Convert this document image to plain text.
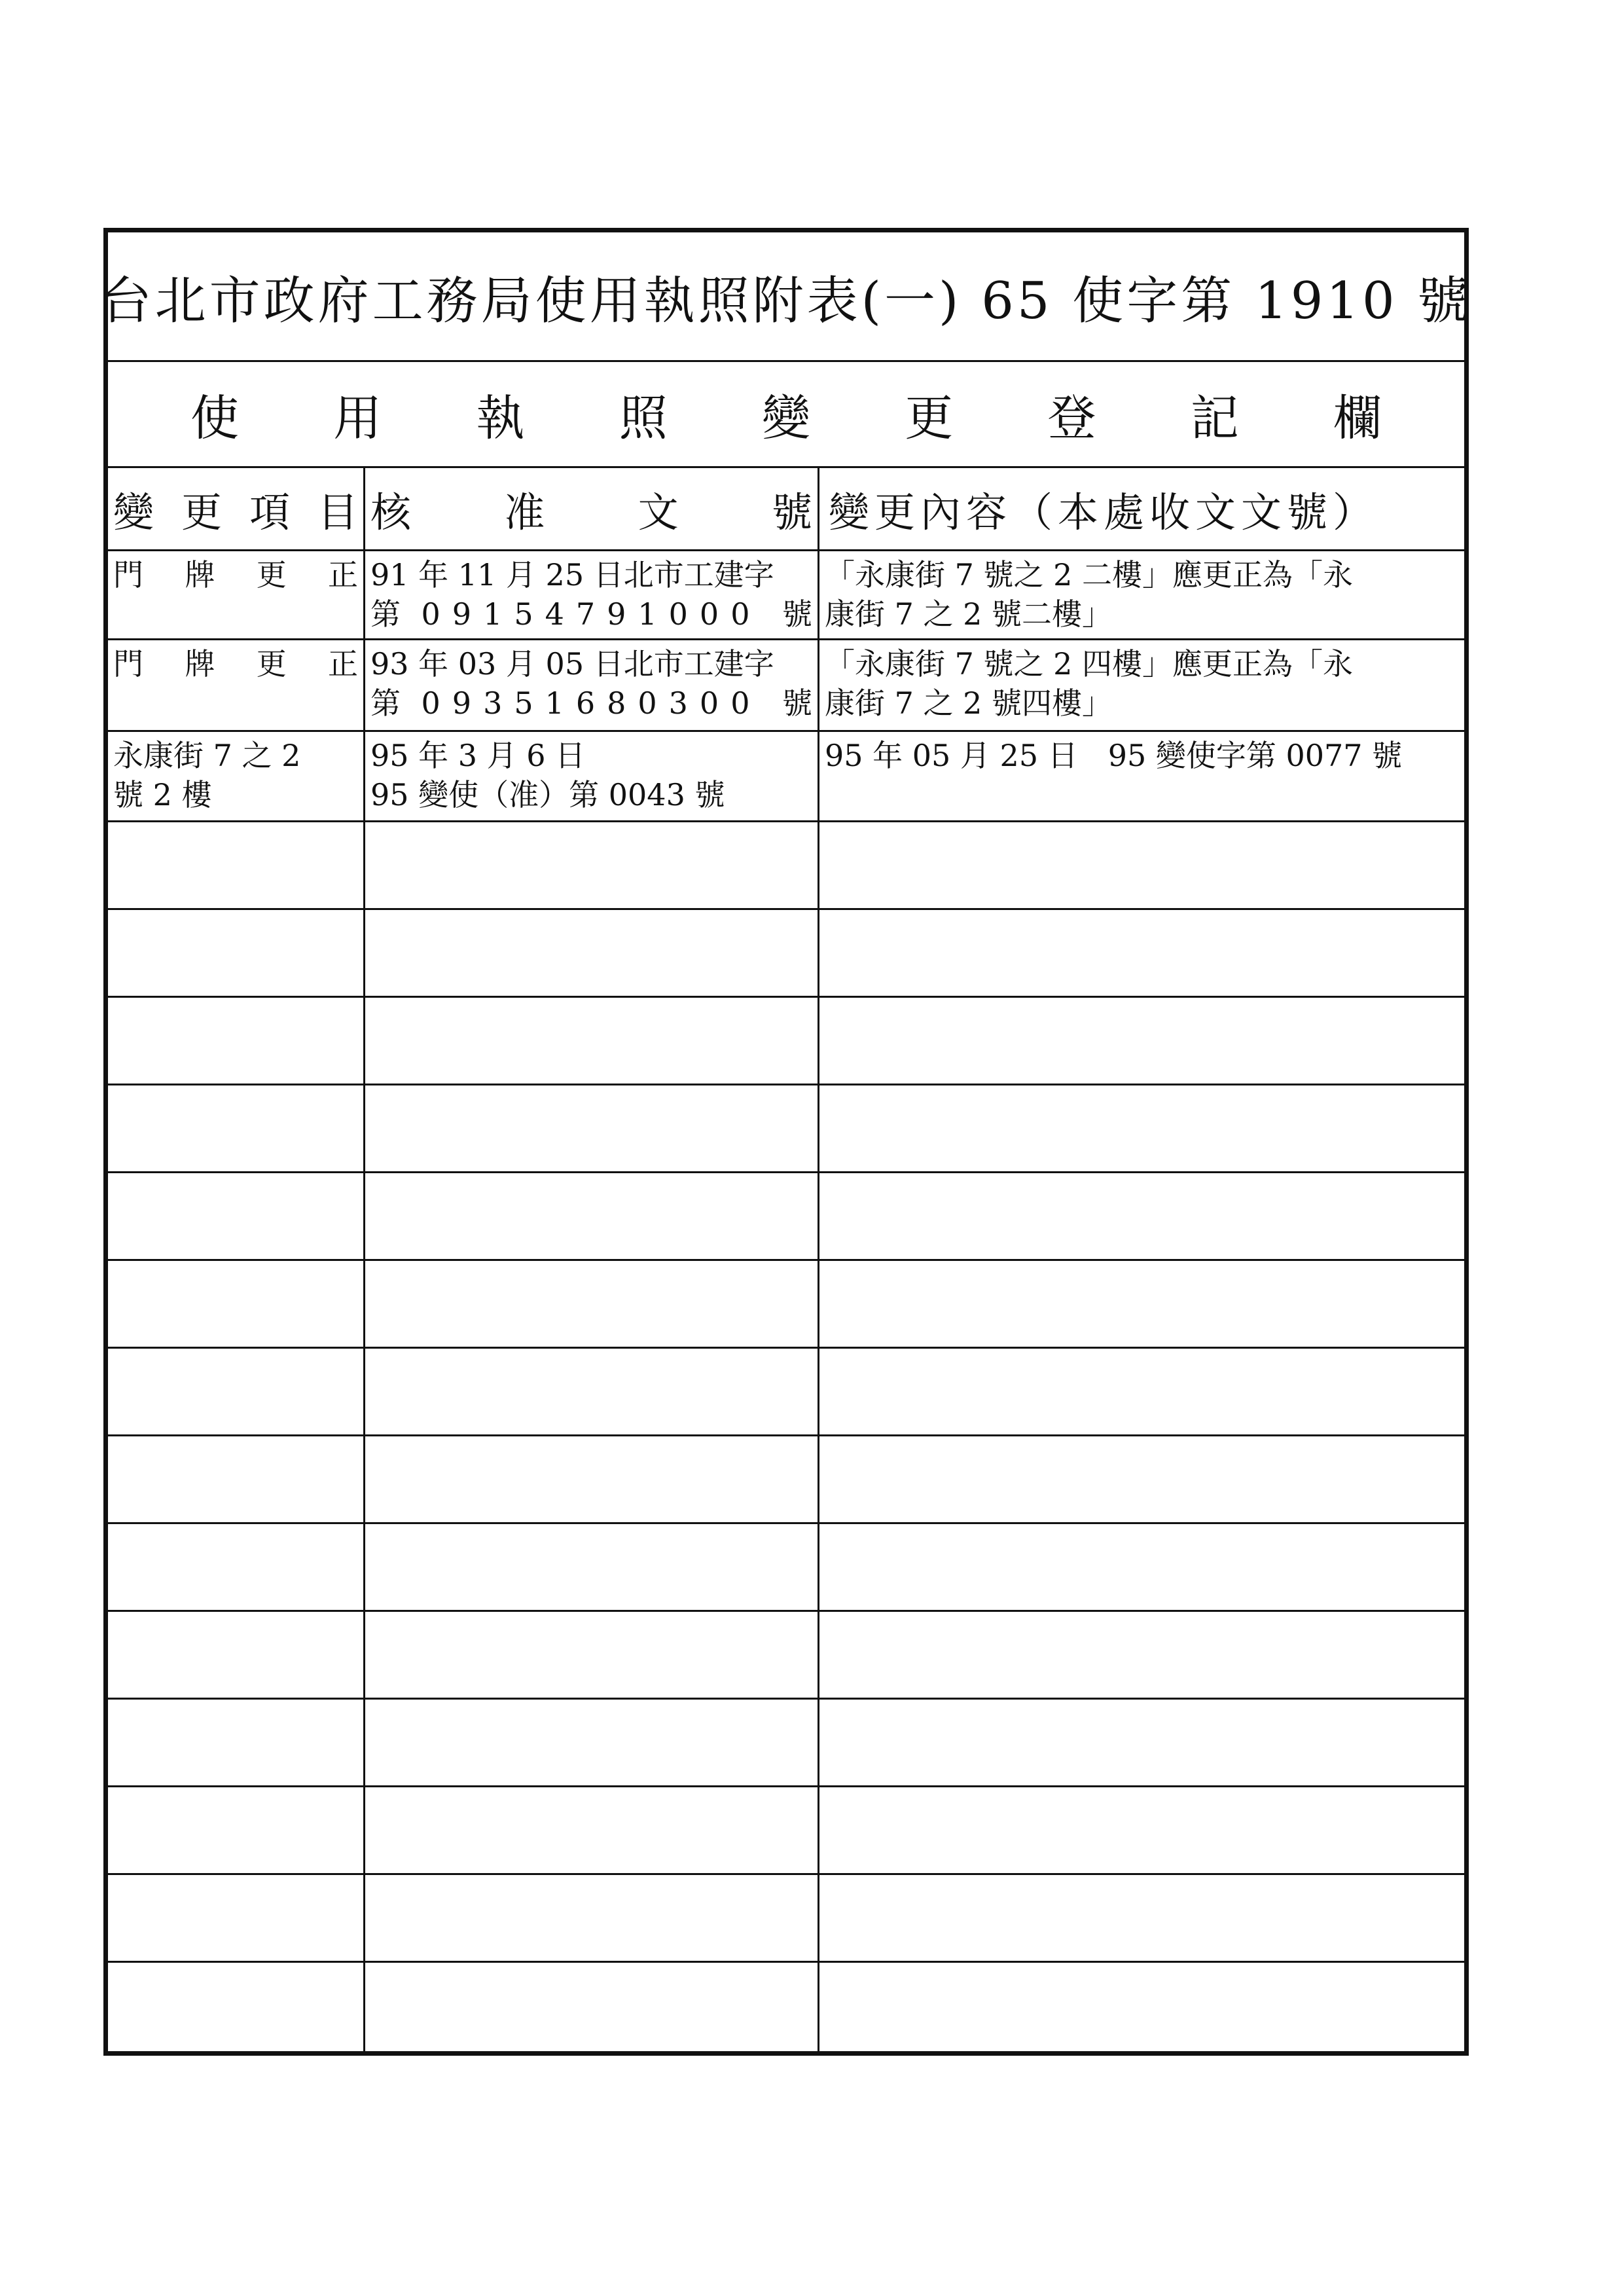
台北市政府工務局使用執照附表(一) 65 使字第 1910 號
使 用 執 照 變 更 登 記 欄
變 更 項 目 核 准 文 號 變更內容（本處收文文號）
門 牌 更 正 91 年 11 月 25 日北市工建字
第 09154791000 號
「永康街 7 號之 2 二樓」應更正為「永
康街 7 之 2 號二樓」
門 牌 更 正 93 年 03 月 05 日北市工建字
第 09351680300 號
「永康街 7 號之 2 四樓」應更正為「永
康街 7 之 2 號四樓」
永康街 7 之 2
號 2 樓
95 年 3 月 6 日
95 變使（准）第 0043 號
95 年 05 月 25 日　95 變使字第 0077 號
